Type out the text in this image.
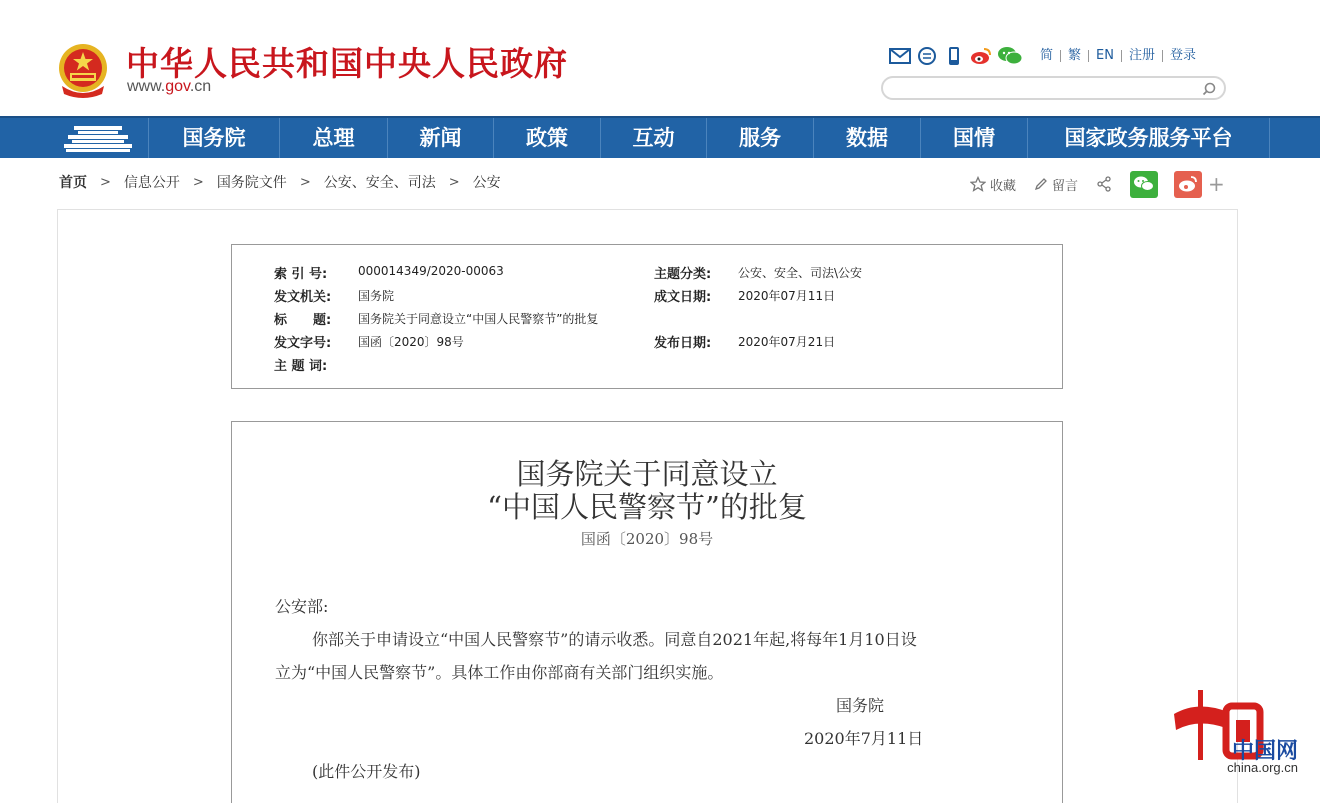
中华人民共和国中央人民政府
www.gov.cn
简	繁	EN	注册	登录
国务院	总理	新闻	政策	互动	服务	数据	国情	国家政务服务平台
首页 > 信息公开 > 国务院文件 > 公安、安全、司法 > 公安	收藏	留言	+
索 引 号:	000014349/2020-00063	主题分类: 公安、安全、司法\公安
发文机关: 国务院	成文日期: 2020年07月11日
标　　题: 国务院关于同意设立“中国人民警察节”的批复
发文字号: 国函〔2020〕98号	发布日期: 2020年07月21日
主 题 词:
国务院关于同意设立
“中国人民警察节”的批复
国函〔2020〕98号
公安部:
你部关于申请设立“中国人民警察节”的请示收悉。同意自2021年起,将每年1月10日设
立为“中国人民警察节”。具体工作由你部商有关部门组织实施。
国务院
2020年7月11日
(此件公开发布)
中国网
china.org.cn
